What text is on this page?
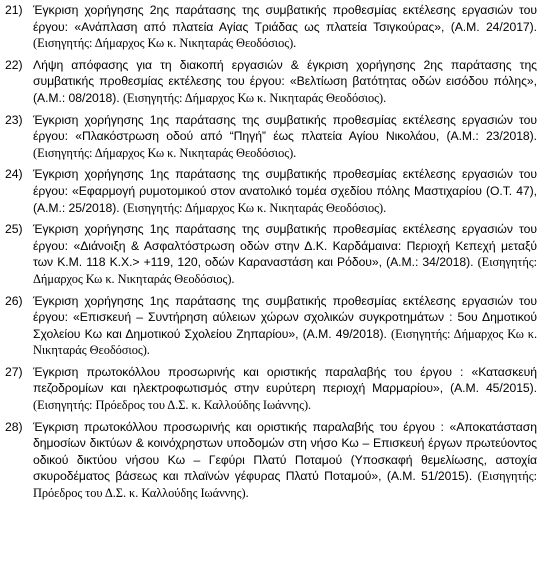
21) Έγκριση χορήγησης 2ης παράτασης της συμβατικής προθεσμίας εκτέλεσης εργασιών του έργου: «Ανάπλαση από πλατεία Αγίας Τριάδας ως πλατεία Τσιγκούρας», (Α.Μ. 24/2017). (Εισηγητής: Δήμαρχος Κω κ. Νικηταράς Θεοδόσιος).
22) Λήψη απόφασης για τη διακοπή εργασιών & έγκριση χορήγησης 2ης παράτασης της συμβατικής προθεσμίας εκτέλεσης του έργου: «Βελτίωση βατότητας οδών εισόδου πόλης», (Α.Μ.: 08/2018). (Εισηγητής: Δήμαρχος Κω κ. Νικηταράς Θεοδόσιος).
23) Έγκριση χορήγησης 1ης παράτασης της συμβατικής προθεσμίας εκτέλεσης εργασιών του έργου: «Πλακόστρωση οδού από “Πηγή” έως πλατεία Αγίου Νικολάου, (Α.Μ.: 23/2018). (Εισηγητής: Δήμαρχος Κω κ. Νικηταράς Θεοδόσιος).
24) Έγκριση χορήγησης 1ης παράτασης της συμβατικής προθεσμίας εκτέλεσης εργασιών του έργου: «Εφαρμογή ρυμοτομικού στον ανατολικό τομέα σχεδίου πόλης Μαστιχαρίου (Ο.Τ. 47), (Α.Μ.: 25/2018). (Εισηγητής: Δήμαρχος Κω κ. Νικηταράς Θεοδόσιος).
25) Έγκριση χορήγησης 1ης παράτασης της συμβατικής προθεσμίας εκτέλεσης εργασιών του έργου: «Διάνοιξη & Ασφαλτόστρωση οδών στην Δ.Κ. Καρδάμαινα: Περιοχή Κεπεχή μεταξύ των Κ.Μ. 118 Κ.Χ.> +119, 120, οδών Καραναστάση και Ρόδου», (Α.Μ.: 34/2018). (Εισηγητής: Δήμαρχος Κω κ. Νικηταράς Θεοδόσιος).
26) Έγκριση χορήγησης 1ης παράτασης της συμβατικής προθεσμίας εκτέλεσης εργασιών του έργου: «Επισκευή – Συντήρηση αύλειων χώρων σχολικών συγκροτημάτων : 5ου Δημοτικού Σχολείου Κω και Δημοτικού Σχολείου Ζηπαρίου», (Α.Μ. 49/2018). (Εισηγητής: Δήμαρχος Κω κ. Νικηταράς Θεοδόσιος).
27) Έγκριση πρωτοκόλλου προσωρινής και οριστικής παραλαβής του έργου : «Κατασκευή πεζοδρομίων και ηλεκτροφωτισμός στην ευρύτερη περιοχή Μαρμαρίου», (Α.Μ. 45/2015). (Εισηγητής: Πρόεδρος του Δ.Σ. κ. Καλλούδης Ιωάννης).
28) Έγκριση πρωτοκόλλου προσωρινής και οριστικής παραλαβής του έργου : «Αποκατάσταση δημοσίων δικτύων & κοινόχρηστων υποδομών στη νήσο Κω – Επισκευή έργων πρωτεύοντος οδικού δικτύου νήσου Κω – Γεφύρι Πλατύ Ποταμού (Υποσκαφή θεμελίωσης, αστοχία σκυροδέματος βάσεως και πλαϊνών γέφυρας Πλατύ Ποταμού», (Α.Μ. 51/2015). (Εισηγητής: Πρόεδρος του Δ.Σ. κ. Καλλούδης Ιωάννης).
